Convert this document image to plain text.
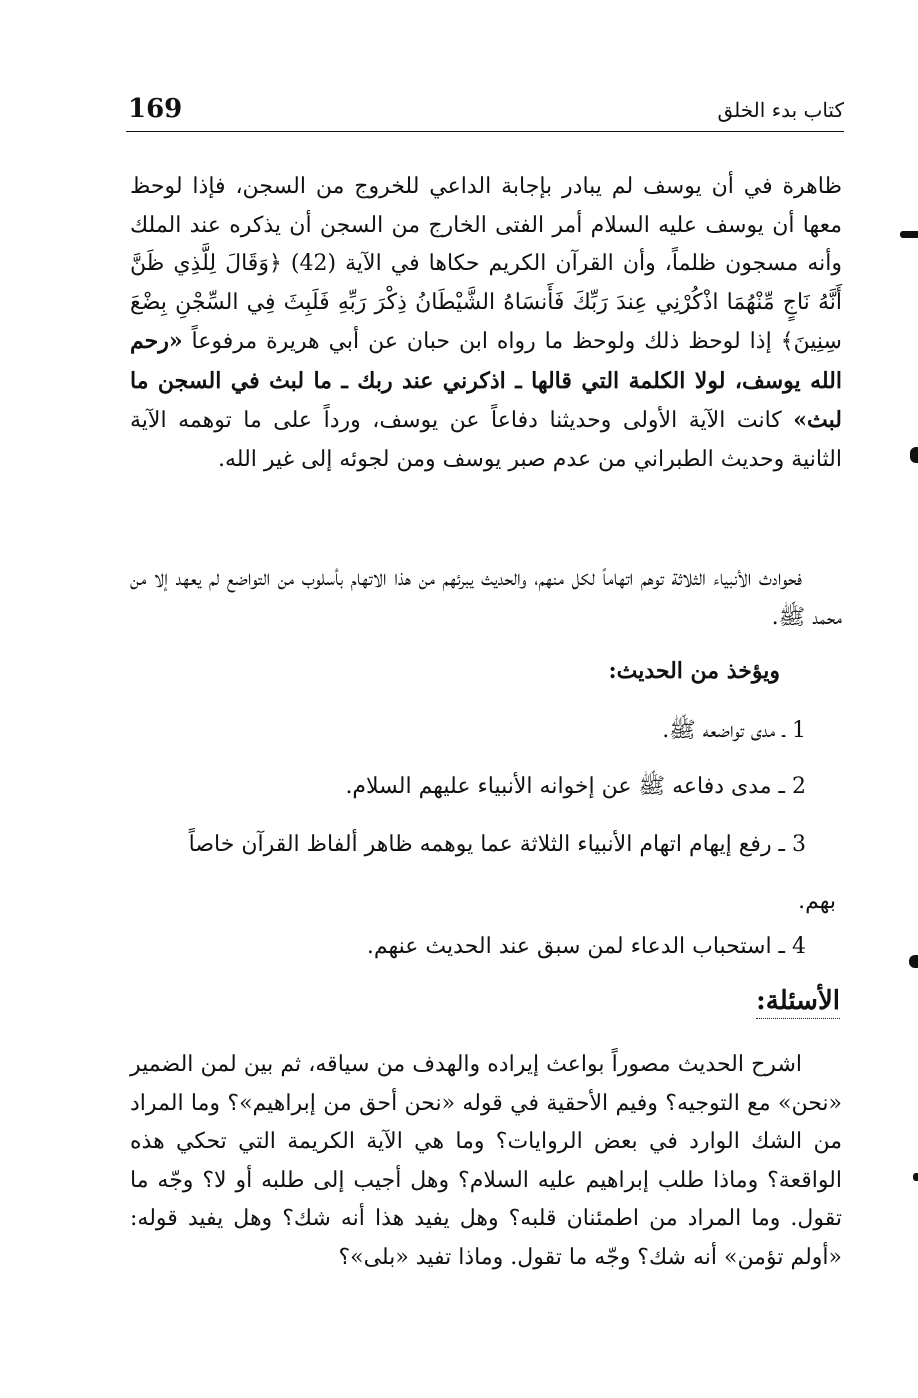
كتاب بدء الخلق
169
ظاهرة في أن يوسف لم يبادر بإجابة الداعي للخروج من السجن، فإذا لوحظ معها أن يوسف عليه السلام أمر الفتى الخارج من السجن أن يذكره عند الملك وأنه مسجون ظلماً، وأن القرآن الكريم حكاها في الآية (42) ﴿وَقَالَ لِلَّذِي ظَنَّ أَنَّهُ نَاجٍ مِّنْهُمَا اذْكُرْنِي عِندَ رَبِّكَ فَأَنسَاهُ الشَّيْطَانُ ذِكْرَ رَبِّهِ فَلَبِثَ فِي السِّجْنِ بِضْعَ سِنِينَ﴾ إذا لوحظ ذلك ولوحظ ما رواه ابن حبان عن أبي هريرة مرفوعاً «رحم الله يوسف، لولا الكلمة التي قالها ـ اذكرني عند ربك ـ ما لبث في السجن ما لبث» كانت الآية الأولى وحديثنا دفاعاً عن يوسف، ورداً على ما توهمه الآية الثانية وحديث الطبراني من عدم صبر يوسف ومن لجوئه إلى غير الله.
فحوادث الأنبياء الثلاثة توهم اتهاماً لكل منهم، والحديث يبرئهم من هذا الاتهام بأسلوب من التواضع لم يعهد إلا من محمد ﷺ.
ويؤخذ من الحديث:
1 ـ مدى تواضعه ﷺ.
2 ـ مدى دفاعه ﷺ عن إخوانه الأنبياء عليهم السلام.
3 ـ رفع إيهام اتهام الأنبياء الثلاثة عما يوهمه ظاهر ألفاظ القرآن خاصاً
بهم.
4 ـ استحباب الدعاء لمن سبق عند الحديث عنهم.
الأسئلة:
اشرح الحديث مصوراً بواعث إيراده والهدف من سياقه، ثم بين لمن الضمير «نحن» مع التوجيه؟ وفيم الأحقية في قوله «نحن أحق من إبراهيم»؟ وما المراد من الشك الوارد في بعض الروايات؟ وما هي الآية الكريمة التي تحكي هذه الواقعة؟ وماذا طلب إبراهيم عليه السلام؟ وهل أجيب إلى طلبه أو لا؟ وجّه ما تقول. وما المراد من اطمئنان قلبه؟ وهل يفيد هذا أنه شك؟ وهل يفيد قوله: «أولم تؤمن» أنه شك؟ وجّه ما تقول. وماذا تفيد «بلى»؟
